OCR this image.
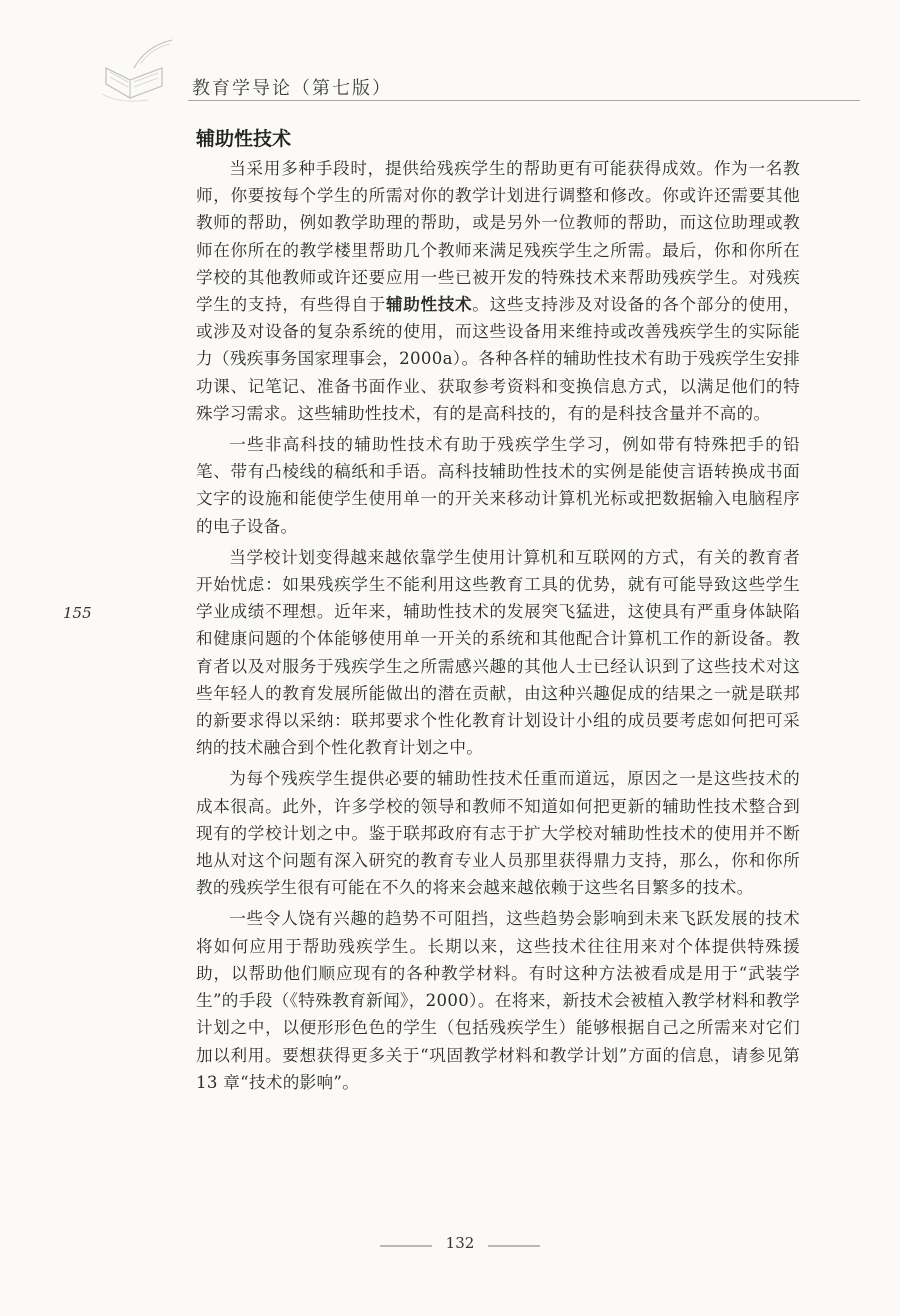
教育学导论（第七版）
155
辅助性技术

当采用多种手段时，提供给残疾学生的帮助更有可能获得成效。作为一名教师，你要按每个学生的所需对你的教学计划进行调整和修改。你或许还需要其他教师的帮助，例如教学助理的帮助，或是另外一位教师的帮助，而这位助理或教师在你所在的教学楼里帮助几个教师来满足残疾学生之所需。最后，你和你所在学校的其他教师或许还要应用一些已被开发的特殊技术来帮助残疾学生。对残疾学生的支持，有些得自于辅助性技术。这些支持涉及对设备的各个部分的使用，或涉及对设备的复杂系统的使用，而这些设备用来维持或改善残疾学生的实际能力（残疾事务国家理事会，2000a）。各种各样的辅助性技术有助于残疾学生安排功课、记笔记、准备书面作业、获取参考资料和变换信息方式，以满足他们的特殊学习需求。这些辅助性技术，有的是高科技的，有的是科技含量并不高的。

一些非高科技的辅助性技术有助于残疾学生学习，例如带有特殊把手的铅笔、带有凸棱线的稿纸和手语。高科技辅助性技术的实例是能使言语转换成书面文字的设施和能使学生使用单一的开关来移动计算机光标或把数据输入电脑程序的电子设备。

当学校计划变得越来越依靠学生使用计算机和互联网的方式，有关的教育者开始忧虑：如果残疾学生不能利用这些教育工具的优势，就有可能导致这些学生学业成绩不理想。近年来，辅助性技术的发展突飞猛进，这使具有严重身体缺陷和健康问题的个体能够使用单一开关的系统和其他配合计算机工作的新设备。教育者以及对服务于残疾学生之所需感兴趣的其他人士已经认识到了这些技术对这些年轻人的教育发展所能做出的潜在贡献，由这种兴趣促成的结果之一就是联邦的新要求得以采纳：联邦要求个性化教育计划设计小组的成员要考虑如何把可采纳的技术融合到个性化教育计划之中。

为每个残疾学生提供必要的辅助性技术任重而道远，原因之一是这些技术的成本很高。此外，许多学校的领导和教师不知道如何把更新的辅助性技术整合到现有的学校计划之中。鉴于联邦政府有志于扩大学校对辅助性技术的使用并不断地从对这个问题有深入研究的教育专业人员那里获得鼎力支持，那么，你和你所教的残疾学生很有可能在不久的将来会越来越依赖于这些名目繁多的技术。

一些令人饶有兴趣的趋势不可阻挡，这些趋势会影响到未来飞跃发展的技术将如何应用于帮助残疾学生。长期以来，这些技术往往用来对个体提供特殊援助，以帮助他们顺应现有的各种教学材料。有时这种方法被看成是用于“武装学生”的手段（《特殊教育新闻》，2000）。在将来，新技术会被植入教学材料和教学计划之中，以便形形色色的学生（包括残疾学生）能够根据自己之所需来对它们加以利用。要想获得更多关于“巩固教学材料和教学计划”方面的信息，请参见第 13 章“技术的影响”。

132
